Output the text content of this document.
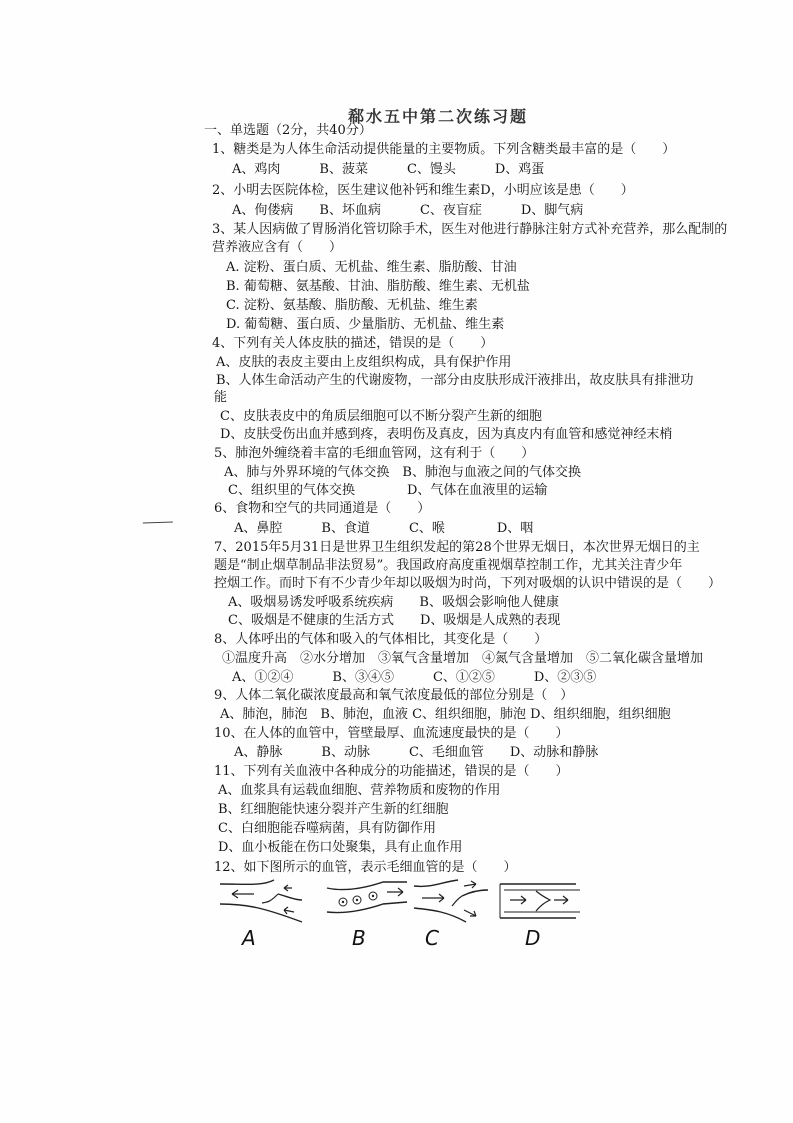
郗水五中第二次练习题
一、单选题（2分，共40分）
1、糖类是为人体生命活动提供能量的主要物质。下列含糖类最丰富的是（　　）
A、鸡肉　　　B、菠菜　　　C、馒头　　　D、鸡蛋
2、小明去医院体检，医生建议他补钙和维生素D，小明应该是患（　　）
A、佝偻病　　B、坏血病　　　C、夜盲症　　　D、脚气病
3、某人因病做了胃肠消化管切除手术，医生对他进行静脉注射方式补充营养，那么配制的
营养液应含有（　　）
A. 淀粉、蛋白质、无机盐、维生素、脂肪酸、甘油
B. 葡萄糖、氨基酸、甘油、脂肪酸、维生素、无机盐
C. 淀粉、氨基酸、脂肪酸、无机盐、维生素
D. 葡萄糖、蛋白质、少量脂肪、无机盐、维生素
4、下列有关人体皮肤的描述，错误的是（　　）
A、皮肤的表皮主要由上皮组织构成，具有保护作用
B、人体生命活动产生的代谢废物，一部分由皮肤形成汗液排出，故皮肤具有排泄功
能
C、皮肤表皮中的角质层细胞可以不断分裂产生新的细胞
D、皮肤受伤出血并感到疼，表明伤及真皮，因为真皮内有血管和感觉神经末梢
5、肺泡外缠绕着丰富的毛细血管网，这有利于（　　）
A、肺与外界环境的气体交换　B、肺泡与血液之间的气体交换
C、组织里的气体交换　　　　D、气体在血液里的运输
6、食物和空气的共同通道是（　　）
A、鼻腔　　　B、食道　　　C、喉　　　　D、咽
7、2015年5月31日是世界卫生组织发起的第28个世界无烟日，本次世界无烟日的主
题是“制止烟草制品非法贸易”。我国政府高度重视烟草控制工作，尤其关注青少年
控烟工作。而时下有不少青少年却以吸烟为时尚，下列对吸烟的认识中错误的是（　　）
A、吸烟易诱发呼吸系统疾病　　B、吸烟会影响他人健康
C、吸烟是不健康的生活方式　　D、吸烟是人成熟的表现
8、人体呼出的气体和吸入的气体相比，其变化是（　　）
①温度升高　②水分增加　③氧气含量增加　④氮气含量增加　⑤二氧化碳含量增加
A、①②④　　　B、③④⑤　　　C、①②⑤　　　D、②③⑤
9、人体二氧化碳浓度最高和氧气浓度最低的部位分别是（　）
A、肺泡，肺泡　B、肺泡，血液 C、组织细胞，肺泡 D、组织细胞，组织细胞
10、在人体的血管中，管壁最厚、血流速度最快的是（　　）
A、静脉　　　B、动脉　　　C、毛细血管　　D、动脉和静脉
11、下列有关血液中各种成分的功能描述，错误的是（　　）
A、血浆具有运载血细胞、营养物质和废物的作用
B、红细胞能快速分裂并产生新的红细胞
C、白细胞能吞噬病菌，具有防御作用
D、血小板能在伤口处聚集，具有止血作用
12、如下图所示的血管，表示毛细血管的是（　　）
A	B	C	D
